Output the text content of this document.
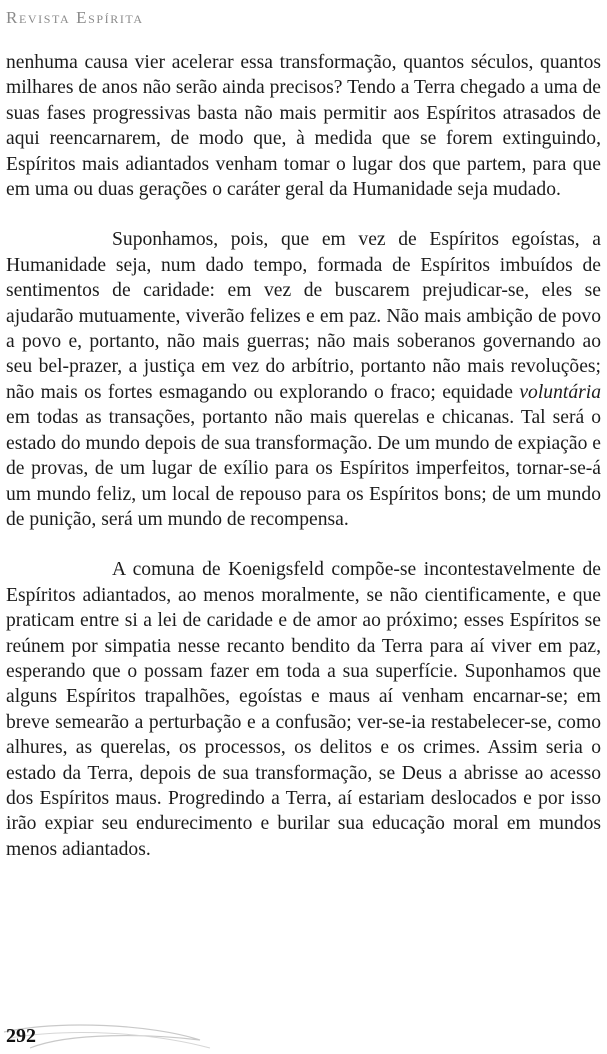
Revista Espírita

nenhuma causa vier acelerar essa transformação, quantos séculos, quantos milhares de anos não serão ainda precisos? Tendo a Terra chegado a uma de suas fases progressivas basta não mais permitir aos Espíritos atrasados de aqui reencarnarem, de modo que, à medida que se forem extinguindo, Espíritos mais adiantados venham tomar o lugar dos que partem, para que em uma ou duas gerações o caráter geral da Humanidade seja mudado.

Suponhamos, pois, que em vez de Espíritos egoístas, a Humanidade seja, num dado tempo, formada de Espíritos imbuídos de sentimentos de caridade: em vez de buscarem prejudicar-se, eles se ajudarão mutuamente, viverão felizes e em paz. Não mais ambição de povo a povo e, portanto, não mais guerras; não mais soberanos governando ao seu bel-prazer, a justiça em vez do arbítrio, portanto não mais revoluções; não mais os fortes esmagando ou explorando o fraco; equidade voluntária em todas as transações, portanto não mais querelas e chicanas. Tal será o estado do mundo depois de sua transformação. De um mundo de expiação e de provas, de um lugar de exílio para os Espíritos imperfeitos, tornar-se-á um mundo feliz, um local de repouso para os Espíritos bons; de um mundo de punição, será um mundo de recompensa.

A comuna de Koenigsfeld compõe-se incontestavelmente de Espíritos adiantados, ao menos moralmente, se não cientificamente, e que praticam entre si a lei de caridade e de amor ao próximo; esses Espíritos se reúnem por simpatia nesse recanto bendito da Terra para aí viver em paz, esperando que o possam fazer em toda a sua superfície. Suponhamos que alguns Espíritos trapalhões, egoístas e maus aí venham encarnar-se; em breve semearão a perturbação e a confusão; ver-se-ia restabelecer-se, como alhures, as querelas, os processos, os delitos e os crimes. Assim seria o estado da Terra, depois de sua transformação, se Deus a abrisse ao acesso dos Espíritos maus. Progredindo a Terra, aí estariam deslocados e por isso irão expiar seu endurecimento e burilar sua educação moral em mundos menos adiantados.

292
